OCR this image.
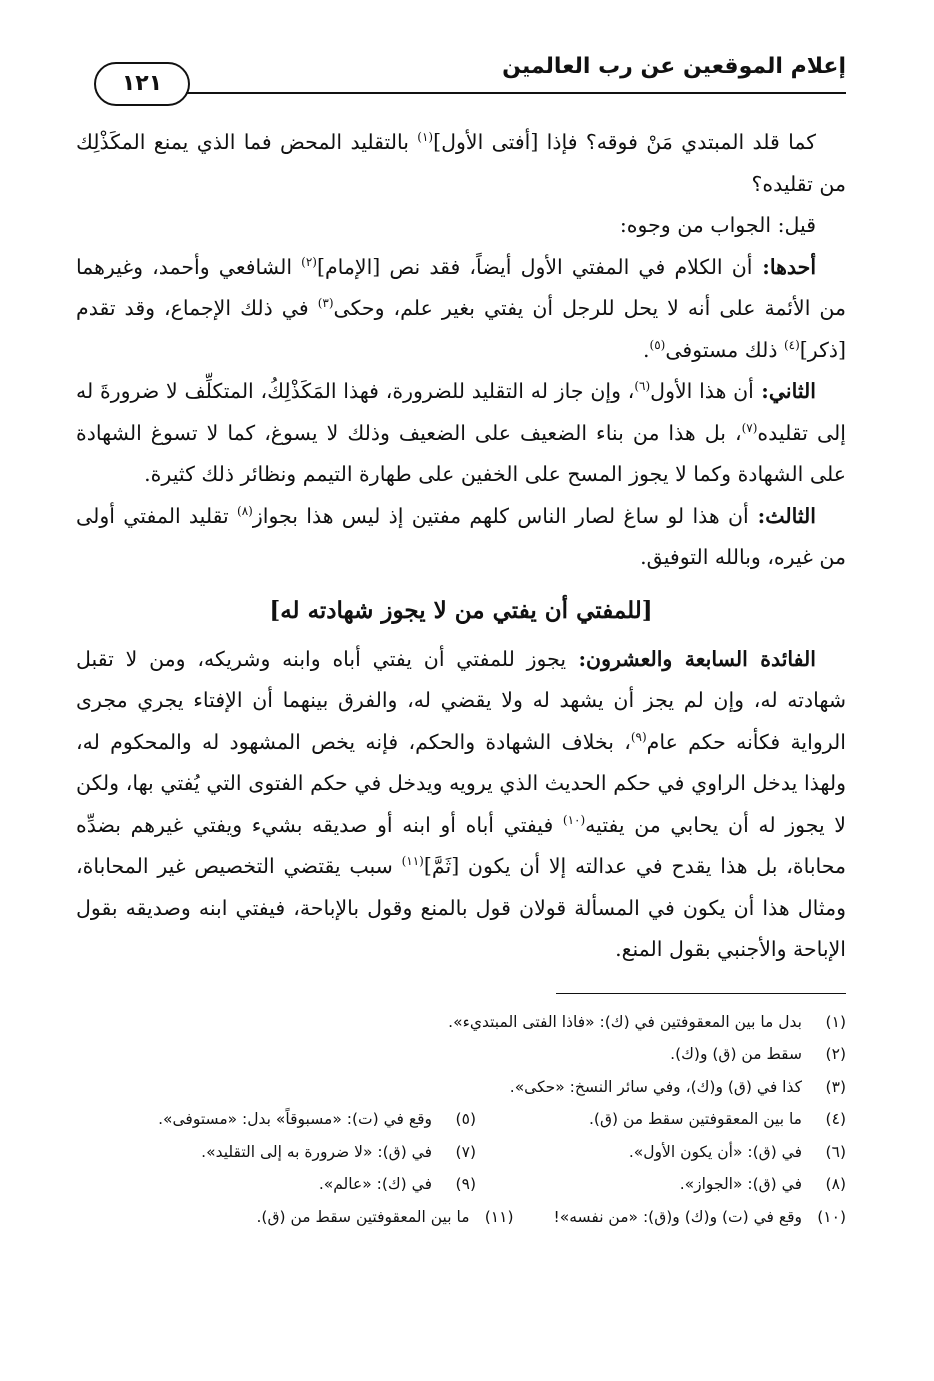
إعلام الموقعين عن رب العالمين
١٢١

كما قلد المبتدي مَنْ فوقه؟ فإذا [أفتى الأول]$^{(١)}$ بالتقليد المحض فما الذي يمنع المكَذْلِك من تقليده؟

قيل: الجواب من وجوه:

أحدها: أن الكلام في المفتي الأول أيضاً، فقد نص [الإمام]$^{(٢)}$ الشافعي وأحمد، وغيرهما من الأئمة على أنه لا يحل للرجل أن يفتي بغير علم، وحكى$^{(٣)}$ في ذلك الإجماع، وقد تقدم [ذكر]$^{(٤)}$ ذلك مستوفى$^{(٥)}$.

الثاني: أن هذا الأول$^{(٦)}$، وإن جاز له التقليد للضرورة، فهذا المَكَذْلِكُ، المتكلِّف لا ضرورةَ له إلى تقليده$^{(٧)}$، بل هذا من بناء الضعيف على الضعيف وذلك لا يسوغ، كما لا تسوغ الشهادة على الشهادة وكما لا يجوز المسح على الخفين على طهارة التيمم ونظائر ذلك كثيرة.

الثالث: أن هذا لو ساغ لصار الناس كلهم مفتين إذ ليس هذا بجواز$^{(٨)}$ تقليد المفتي أولى من غيره، وبالله التوفيق.

[للمفتي أن يفتي من لا يجوز شهادته له]

الفائدة السابعة والعشرون: يجوز للمفتي أن يفتي أباه وابنه وشريكه، ومن لا تقبل شهادته له، وإن لم يجز أن يشهد له ولا يقضي له، والفرق بينهما أن الإفتاء يجري مجرى الرواية فكأنه حكم عام$^{(٩)}$، بخلاف الشهادة والحكم، فإنه يخص المشهود له والمحكوم له، ولهذا يدخل الراوي في حكم الحديث الذي يرويه ويدخل في حكم الفتوى التي يُفتي بها، ولكن لا يجوز له أن يحابي من يفتيه$^{(١٠)}$ فيفتي أباه أو ابنه أو صديقه بشيء ويفتي غيرهم بضدِّه محاباة، بل هذا يقدح في عدالته إلا أن يكون [ثَمَّ]$^{(١١)}$ سبب يقتضي التخصيص غير المحاباة، ومثال هذا أن يكون في المسألة قولان قول بالمنع وقول بالإباحة، فيفتي ابنه وصديقه بقول الإباحة والأجنبي بقول المنع.

(١)
بدل ما بين المعقوفتين في (ك): «فاذا الفتى المبتديء».
(٢)
سقط من (ق) و(ك).
(٣)
كذا في (ق) و(ك)، وفي سائر النسخ: «حكى».
(٤)
ما بين المعقوفتين سقط من (ق).
(٥)
وقع في (ت): «مسبوقاً» بدل: «مستوفى».
(٦)
في (ق): «أن يكون الأول».
(٧)
في (ق): «لا ضرورة به إلى التقليد».
(٨)
في (ق): «الجواز».
(٩)
في (ك): «عالم».
(١٠)
وقع في (ت) و(ك) و(ق): «من نفسه»!
(١١)
ما بين المعقوفتين سقط من (ق).
